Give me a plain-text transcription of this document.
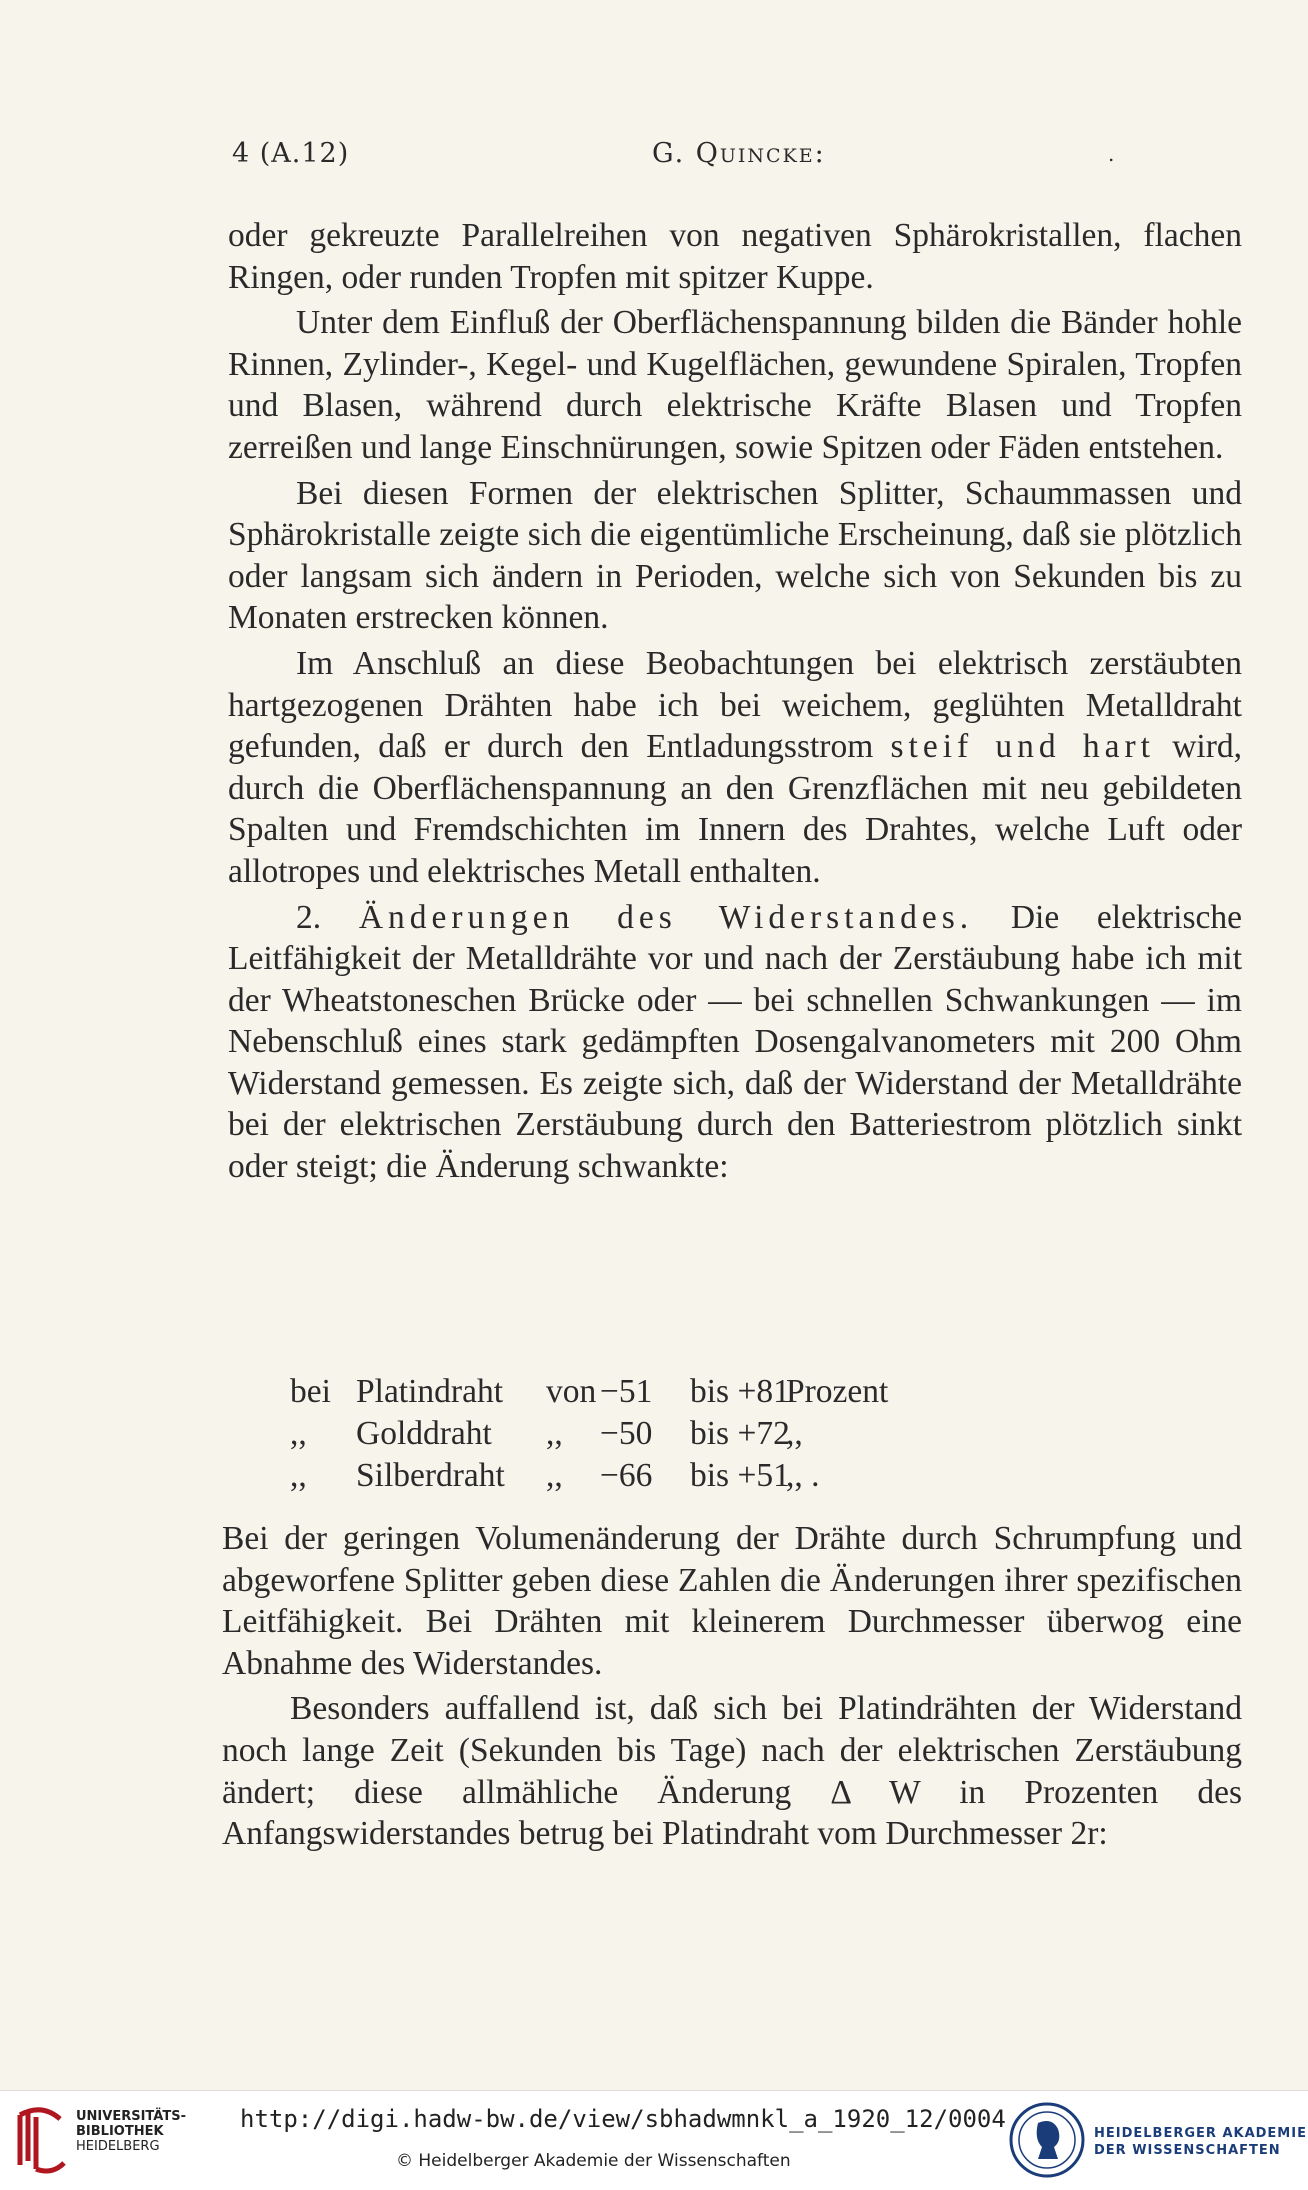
4 (A.12)	G. Quincke:	.

oder gekreuzte Parallelreihen von negativen Sphärokristallen, flachen Ringen, oder runden Tropfen mit spitzer Kuppe.

Unter dem Einfluß der Oberflächenspannung bilden die Bänder hohle Rinnen, Zylinder-, Kegel- und Kugelflächen, gewundene Spiralen, Tropfen und Blasen, während durch elektrische Kräfte Blasen und Tropfen zerreißen und lange Einschnürungen, sowie Spitzen oder Fäden entstehen.

Bei diesen Formen der elektrischen Splitter, Schaummassen und Sphärokristalle zeigte sich die eigentümliche Erscheinung, daß sie plötzlich oder langsam sich ändern in Perioden, welche sich von Sekunden bis zu Monaten erstrecken können.

Im Anschluß an diese Beobachtungen bei elektrisch zerstäubten hartgezogenen Drähten habe ich bei weichem, geglühten Metalldraht gefunden, daß er durch den Entladungsstrom steif und hart wird, durch die Oberflächenspannung an den Grenzflächen mit neu gebildeten Spalten und Fremdschichten im Innern des Drahtes, welche Luft oder allotropes und elektrisches Metall enthalten.

2. Änderungen des Widerstandes. Die elektrische Leitfähigkeit der Metalldrähte vor und nach der Zerstäubung habe ich mit der Wheatstoneschen Brücke oder — bei schnellen Schwankungen — im Nebenschluß eines stark gedämpften Dosengalvanometers mit 200 Ohm Widerstand gemessen. Es zeigte sich, daß der Widerstand der Metalldrähte bei der elektrischen Zerstäubung durch den Batteriestrom plötzlich sinkt oder steigt; die Änderung schwankte:

bei Platindraht von −51 bis +81
Prozent
,, Golddraht ,, −50 bis +72
,,
,, Silberdraht ,, −66 bis +51
,, .

Bei der geringen Volumenänderung der Drähte durch Schrumpfung und abgeworfene Splitter geben diese Zahlen die Änderungen ihrer spezifischen Leitfähigkeit. Bei Drähten mit kleinerem Durchmesser überwog eine Abnahme des Widerstandes.

Besonders auffallend ist, daß sich bei Platindrähten der Widerstand noch lange Zeit (Sekunden bis Tage) nach der elektrischen Zerstäubung ändert; diese allmähliche Änderung Δ W in Prozenten des Anfangswiderstandes betrug bei Platindraht vom Durchmesser 2r:

UNIVERSITÄTS-
BIBLIOTHEK
HEIDELBERG
http://digi.hadw-bw.de/view/sbhadwmnkl_a_1920_12/0004
© Heidelberger Akademie der Wissenschaften
HEIDELBERGER AKADEMIE
DER WISSENSCHAFTEN
